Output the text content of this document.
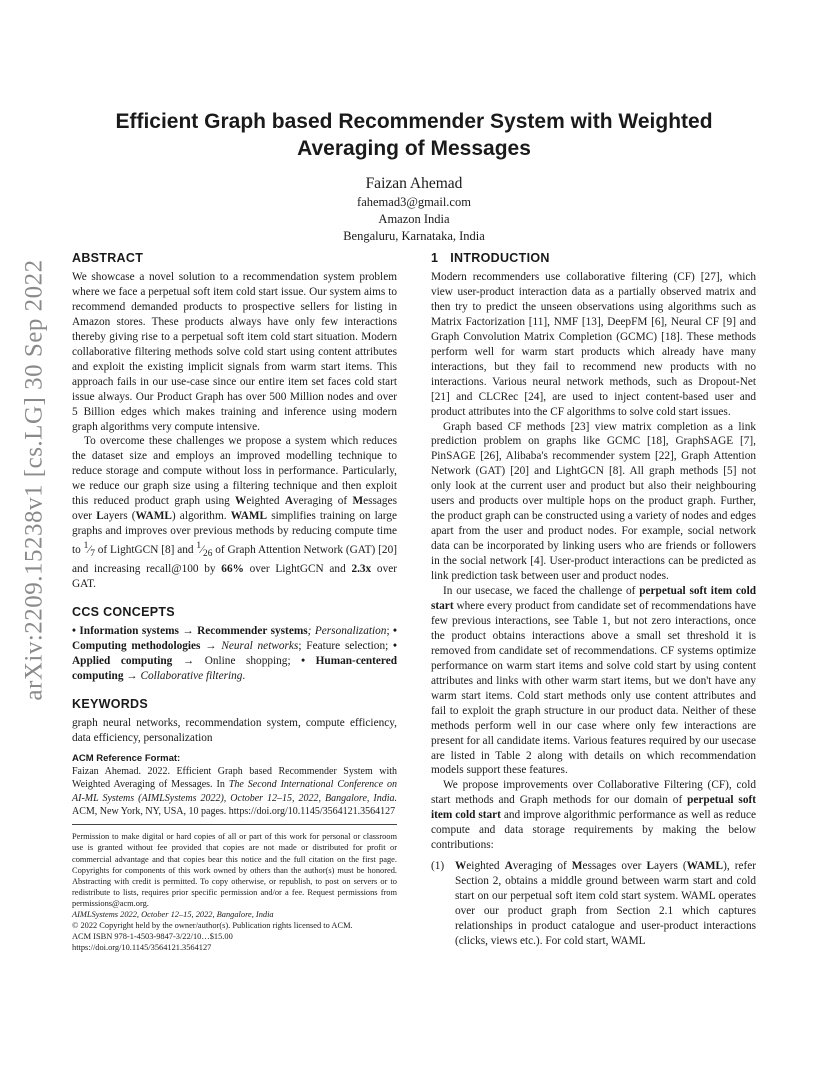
arXiv:2209.15238v1 [cs.LG] 30 Sep 2022
Efficient Graph based Recommender System with Weighted
Averaging of Messages
Faizan Ahemad
fahemad3@gmail.com
Amazon India
Bengaluru, Karnataka, India
ABSTRACT

We showcase a novel solution to a recommendation system problem where we face a perpetual soft item cold start issue. Our system aims to recommend demanded products to prospective sellers for listing in Amazon stores. These products always have only few interactions thereby giving rise to a perpetual soft item cold start situation. Modern collaborative filtering methods solve cold start using content attributes and exploit the existing implicit signals from warm start items. This approach fails in our use-case since our entire item set faces cold start issue always. Our Product Graph has over 500 Million nodes and over 5 Billion edges which makes training and inference using modern graph algorithms very compute intensive.

To overcome these challenges we propose a system which reduces the dataset size and employs an improved modelling technique to reduce storage and compute without loss in performance. Particularly, we reduce our graph size using a filtering technique and then exploit this reduced product graph using Weighted Averaging of Messages over Layers (WAML) algorithm. WAML simplifies training on large graphs and improves over previous methods by reducing compute time to $^1⁄_7$ of LightGCN [8] and $^1⁄_{26}$ of Graph Attention Network (GAT) [20] and increasing recall@100 by 66% over LightGCN and 2.3x over GAT.

CCS CONCEPTS

• Information systems → Recommender systems; Personalization; • Computing methodologies → Neural networks; Feature selection; • Applied computing → Online shopping; • Human-centered computing → Collaborative filtering.

KEYWORDS

graph neural networks, recommendation system, compute efficiency, data efficiency, personalization

ACM Reference Format:

Faizan Ahemad. 2022. Efficient Graph based Recommender System with Weighted Averaging of Messages. In The Second International Conference on AI-ML Systems (AIMLSystems 2022), October 12–15, 2022, Bangalore, India. ACM, New York, NY, USA, 10 pages. https://doi.org/10.1145/3564121.3564127

Permission to make digital or hard copies of all or part of this work for personal or classroom use is granted without fee provided that copies are not made or distributed for profit or commercial advantage and that copies bear this notice and the full citation on the first page. Copyrights for components of this work owned by others than the author(s) must be honored. Abstracting with credit is permitted. To copy otherwise, or republish, to post on servers or to redistribute to lists, requires prior specific permission and/or a fee. Request permissions from permissions@acm.org.

AIMLSystems 2022, October 12–15, 2022, Bangalore, India
© 2022 Copyright held by the owner/author(s). Publication rights licensed to ACM.
ACM ISBN 978-1-4503-9847-3/22/10…$15.00
https://doi.org/10.1145/3564121.3564127
1 INTRODUCTION

Modern recommenders use collaborative filtering (CF) [27], which view user-product interaction data as a partially observed matrix and then try to predict the unseen observations using algorithms such as Matrix Factorization [11], NMF [13], DeepFM [6], Neural CF [9] and Graph Convolution Matrix Completion (GCMC) [18]. These methods perform well for warm start products which already have many interactions, but they fail to recommend new products with no interactions. Various neural network methods, such as Dropout-Net [21] and CLCRec [24], are used to inject content-based user and product attributes into the CF algorithms to solve cold start issues.

Graph based CF methods [23] view matrix completion as a link prediction problem on graphs like GCMC [18], GraphSAGE [7], PinSAGE [26], Alibaba's recommender system [22], Graph Attention Network (GAT) [20] and LightGCN [8]. All graph methods [5] not only look at the current user and product but also their neighbouring users and products over multiple hops on the product graph. Further, the product graph can be constructed using a variety of nodes and edges apart from the user and product nodes. For example, social network data can be incorporated by linking users who are friends or followers in the social network [4]. User-product interactions can be predicted as link prediction task between user and product nodes.

In our usecase, we faced the challenge of perpetual soft item cold start where every product from candidate set of recommendations have few previous interactions, see Table 1, but not zero interactions, once the product obtains interactions above a small set threshold it is removed from candidate set of recommendations. CF systems optimize performance on warm start items and solve cold start by using content attributes and links with other warm start items, but we don't have any warm start items. Cold start methods only use content attributes and fail to exploit the graph structure in our product data. Neither of these methods perform well in our case where only few interactions are present for all candidate items. Various features required by our usecase are listed in Table 2 along with details on which recommendation models support these features.

We propose improvements over Collaborative Filtering (CF), cold start methods and Graph methods for our domain of perpetual soft item cold start and improve algorithmic performance as well as reduce compute and data storage requirements by making the below contributions:

(1) Weighted Averaging of Messages over Layers (WAML), refer Section 2, obtains a middle ground between warm start and cold start on our perpetual soft item cold start system. WAML operates over our product graph from Section 2.1 which captures relationships in product catalogue and user-product interactions (clicks, views etc.). For cold start, WAML
